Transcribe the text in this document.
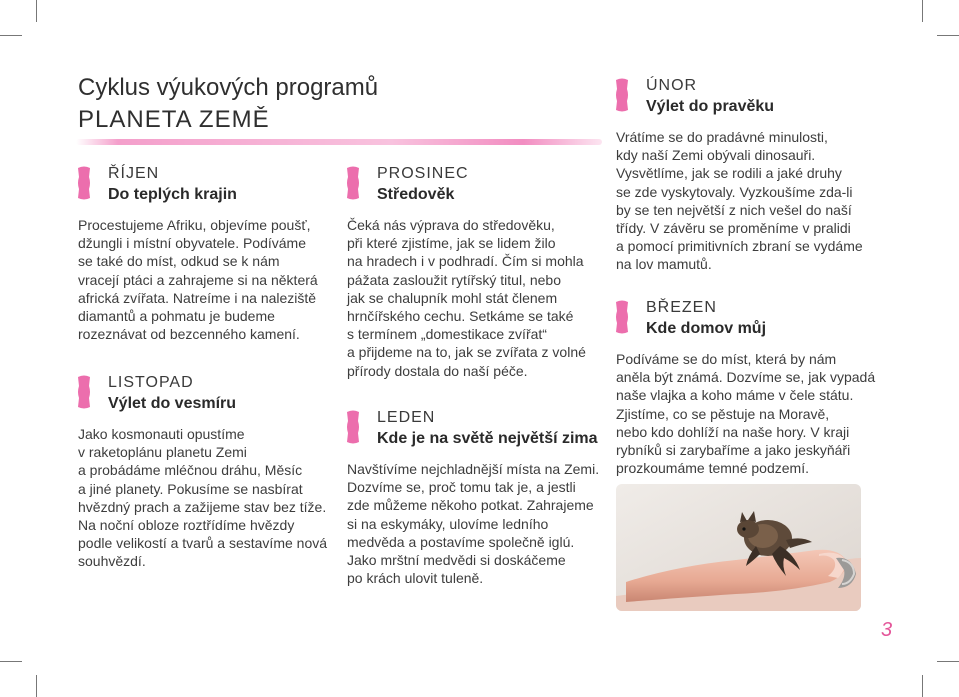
Cyklus výukových programů
PLANETA ZEMĚ
ŘÍJEN
Do teplých krajin
Procestujeme Afriku, objevíme poušť,
džungli i místní obyvatele. Podíváme
se také do míst, odkud se k nám
vracejí ptáci a zahrajeme si na některá
africká zvířata. Natreíme i na naleziště
diamantů a pohmatu je budeme
rozeznávat od bezcenného kamení.
LISTOPAD
Výlet do vesmíru
Jako kosmonauti opustíme
v raketoplánu planetu Zemi
a probádáme mléčnou dráhu, Měsíc
a jiné planety. Pokusíme se nasbírat
hvězdný prach a zažijeme stav bez tíže.
Na noční obloze roztřídíme hvězdy
podle velikostí a tvarů a sestavíme nová
souhvězdí.
PROSINEC
Středověk
Čeká nás výprava do středověku,
při které zjistíme, jak se lidem žilo
na hradech i v podhradí. Čím si mohla
pážata zasloužit rytířský titul, nebo
jak se chalupník mohl stát členem
hrnčířského cechu. Setkáme se také
s termínem „domestikace zvířat“
a přijdeme na to, jak se zvířata z volné
přírody dostala do naší péče.
LEDEN
Kde je na světě největší zima
Navštívíme nejchladnější místa na Zemi.
Dozvíme se, proč tomu tak je, a jestli
zde můžeme někoho potkat. Zahrajeme
si na eskymáky, ulovíme ledního
medvěda a postavíme společně iglú.
Jako mrštní medvědi si doskáčeme
po krách ulovit tuleně.
ÚNOR
Výlet do pravěku
Vrátíme se do pradávné minulosti,
kdy naší Zemi obývali dinosauři.
Vysvětlíme, jak se rodili a jaké druhy
se zde vyskytovaly. Vyzkoušíme zda-li
by se ten největší z nich vešel do naší
třídy. V závěru se proměníme v pralidi
a pomocí primitivních zbraní se vydáme
na lov mamutů.
BŘEZEN
Kde domov můj
Podíváme se do míst, která by nám
aněla být známá. Dozvíme se, jak vypadá
naše vlajka a koho máme v čele státu.
Zjistíme, co se pěstuje na Moravě,
nebo kdo dohlíží na naše hory. V kraji
rybníků si zarybaříme a jako jeskyňáři
prozkoumáme temné podzemí.
3
